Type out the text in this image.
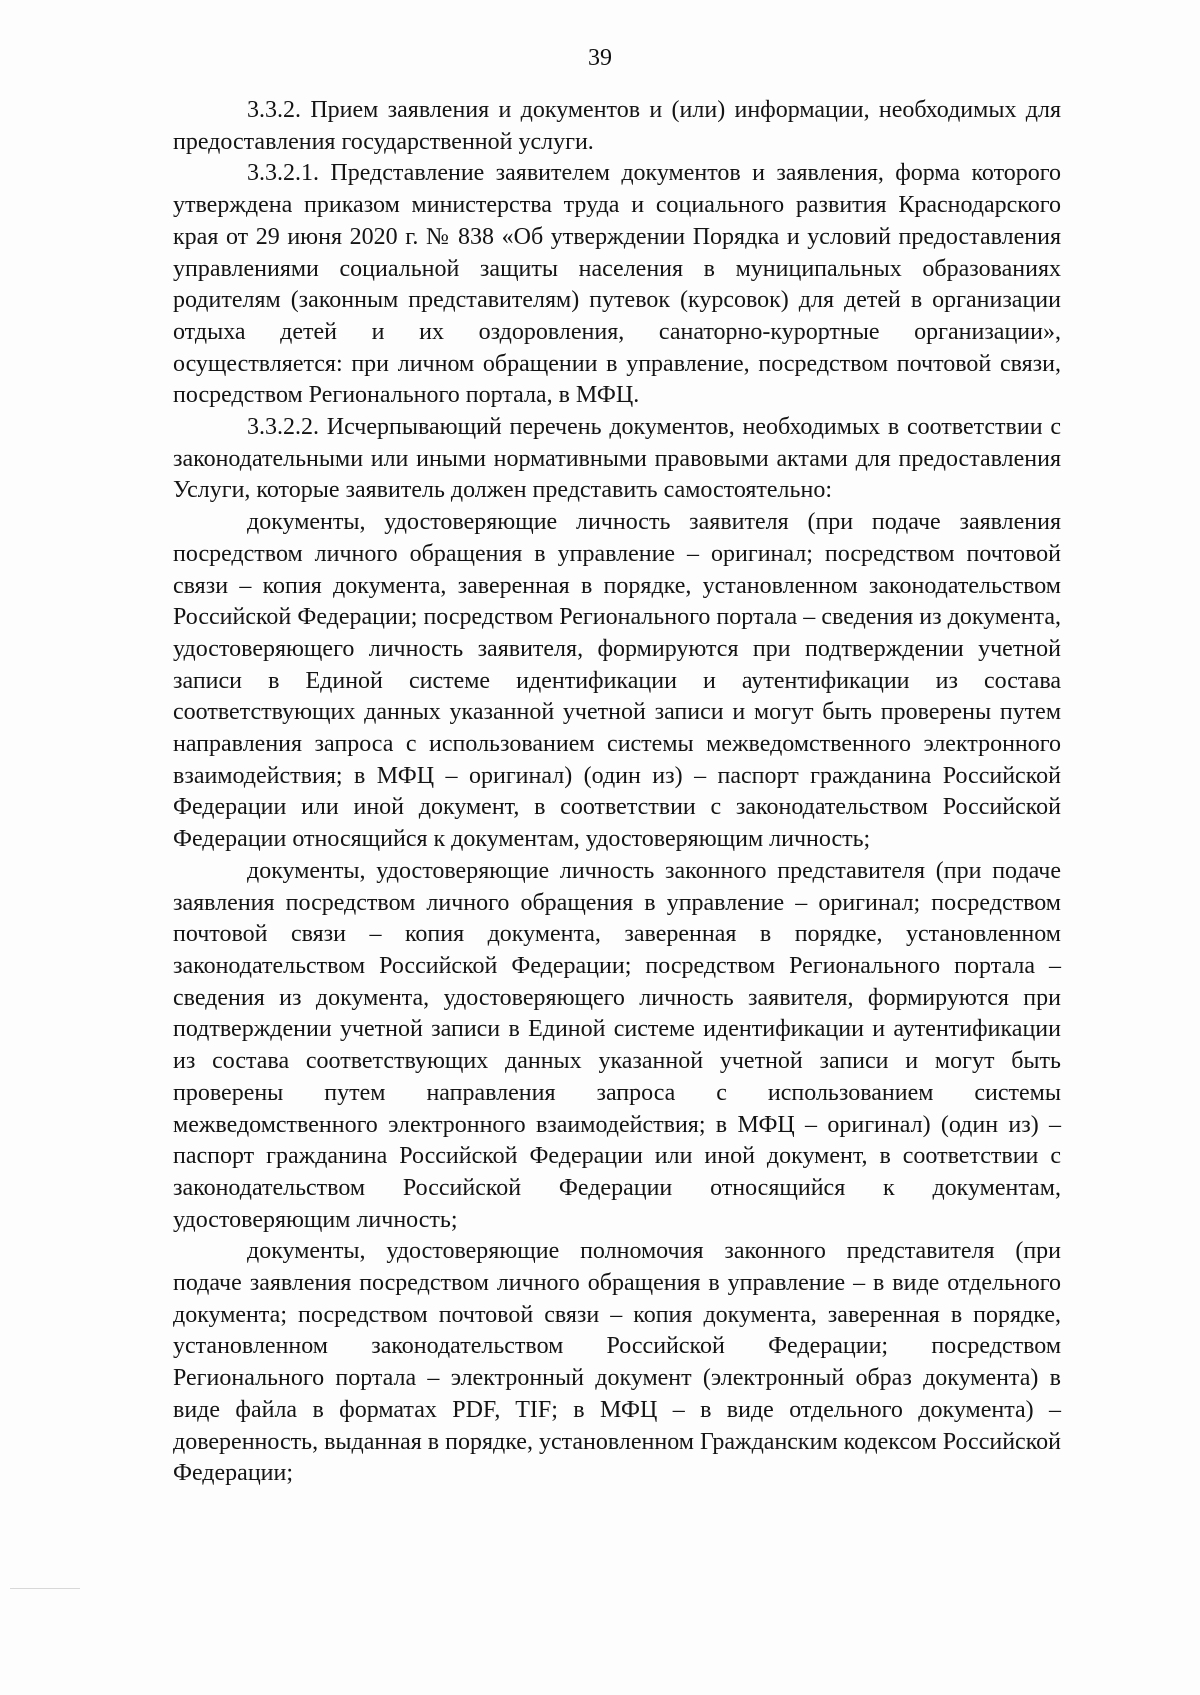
39

3.3.2. Прием заявления и документов и (или) информации, необходимых для предоставления государственной услуги.

3.3.2.1. Представление заявителем документов и заявления, форма которого утверждена приказом министерства труда и социального развития Краснодарского края от 29 июня 2020 г. № 838 «Об утверждении Порядка и условий предоставления управлениями социальной защиты населения в муниципальных образованиях родителям (законным представителям) путевок (курсовок) для детей в организации отдыха детей и их оздоровления, санаторно-курортные организации», осуществляется: при личном обращении в управление, посредством почтовой связи, посредством Регионального портала, в МФЦ.

3.3.2.2. Исчерпывающий перечень документов, необходимых в соответствии с законодательными или иными нормативными правовыми актами для предоставления Услуги, которые заявитель должен представить самостоятельно:

документы, удостоверяющие личность заявителя (при подаче заявления посредством личного обращения в управление – оригинал; посредством почтовой связи – копия документа, заверенная в порядке, установленном законодательством Российской Федерации; посредством Регионального портала – сведения из документа, удостоверяющего личность заявителя, формируются при подтверждении учетной записи в Единой системе идентификации и аутентификации из состава соответствующих данных указанной учетной записи и могут быть проверены путем направления запроса с использованием системы межведомственного электронного взаимодействия; в МФЦ – оригинал) (один из) – паспорт гражданина Российской Федерации или иной документ, в соответствии с законодательством Российской Федерации относящийся к документам, удостоверяющим личность;

документы, удостоверяющие личность законного представителя (при подаче заявления посредством личного обращения в управление – оригинал; посредством почтовой связи – копия документа, заверенная в порядке, установленном законодательством Российской Федерации; посредством Регионального портала – сведения из документа, удостоверяющего личность заявителя, формируются при подтверждении учетной записи в Единой системе идентификации и аутентификации из состава соответствующих данных указанной учетной записи и могут быть проверены путем направления запроса с использованием системы межведомственного электронного взаимодействия; в МФЦ – оригинал) (один из) – паспорт гражданина Российской Федерации или иной документ, в соответствии с законодательством Российской Федерации относящийся к документам, удостоверяющим личность;

документы, удостоверяющие полномочия законного представителя (при подаче заявления посредством личного обращения в управление – в виде отдельного документа; посредством почтовой связи – копия документа, заверенная в порядке, установленном законодательством Российской Федерации; посредством Регионального портала – электронный документ (электронный образ документа) в виде файла в форматах PDF, TIF; в МФЦ – в виде отдельного документа) – доверенность, выданная в порядке, установленном Гражданским кодексом Российской Федерации;
